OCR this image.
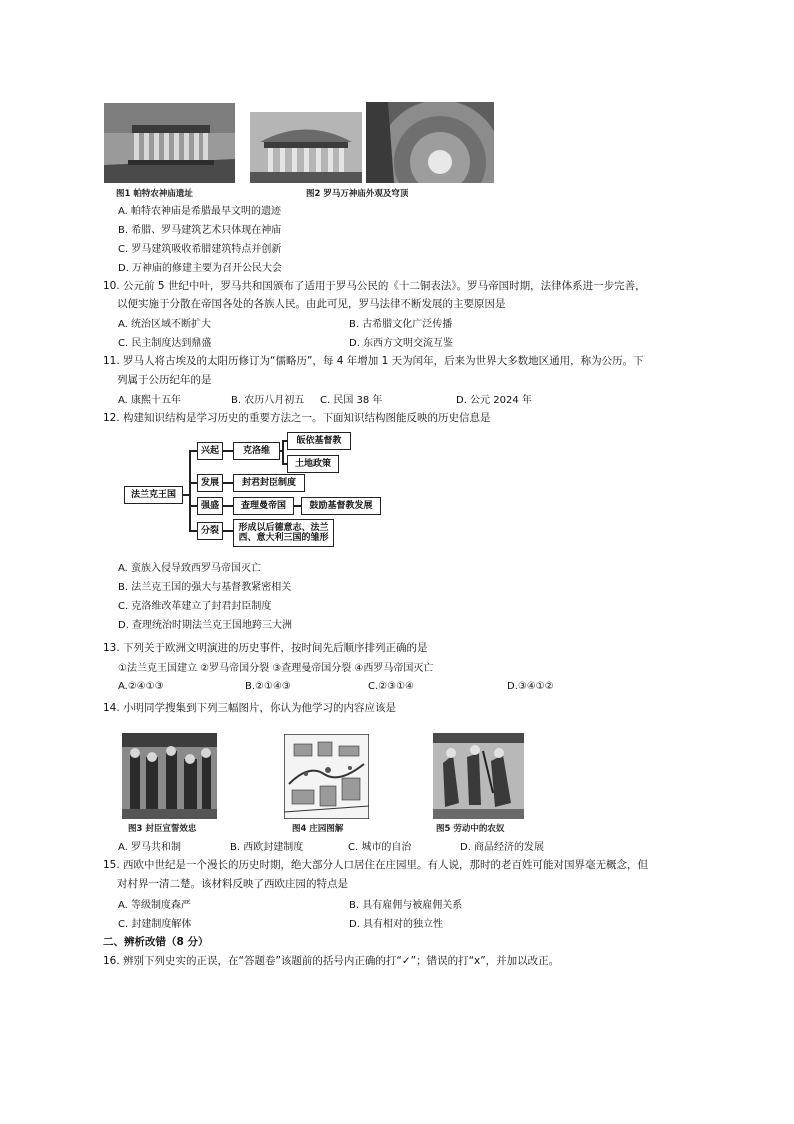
图1 帕特农神庙遗址	图2 罗马万神庙外观及穹顶
A. 帕特农神庙是希腊最早文明的遗迹
B. 希腊、罗马建筑艺术只体现在神庙
C. 罗马建筑吸收希腊建筑特点并创新
D. 万神庙的修建主要为召开公民大会
10. 公元前 5 世纪中叶，罗马共和国颁布了适用于罗马公民的《十二铜表法》。罗马帝国时期，法律体系进一步完善，
以便实施于分散在帝国各处的各族人民。由此可见，罗马法律不断发展的主要原因是
A. 统治区域不断扩大	B. 古希腊文化广泛传播
C. 民主制度达到鼎盛	D. 东西方文明交流互鉴
11. 罗马人将古埃及的太阳历修订为“儒略历”，每 4 年增加 1 天为闰年，后来为世界大多数地区通用，称为公历。下
列属于公历纪年的是
A. 康熙十五年	B. 农历八月初五 C. 民国 38 年	D. 公元 2024 年
12. 构建知识结构是学习历史的重要方法之一。下面知识结构图能反映的历史信息是
法兰克王国
兴起	克洛维
皈依基督教
土地政策
发展	封君封臣制度
强盛	查理曼帝国	鼓励基督教发展
分裂	形成以后德意志、法兰西、意大利三国的雏形
A. 蛮族入侵导致西罗马帝国灭亡
B. 法兰克王国的强大与基督教紧密相关
C. 克洛维改革建立了封君封臣制度
D. 查理统治时期法兰克王国地跨三大洲
13. 下列关于欧洲文明演进的历史事件，按时间先后顺序排列正确的是
①法兰克王国建立 ②罗马帝国分裂 ③查理曼帝国分裂 ④西罗马帝国灭亡
A.②④①③	B.②①④③	C.②③①④	D.③④①②
14. 小明同学搜集到下列三幅图片，你认为他学习的内容应该是
图3 封臣宣誓效忠	图4 庄园图解	图5 劳动中的农奴
A. 罗马共和制	B. 西欧封建制度	C. 城市的自治	D. 商品经济的发展
15. 西欧中世纪是一个漫长的历史时期，绝大部分人口居住在庄园里。有人说，那时的老百姓可能对国界毫无概念，但
对村界一清二楚。该材料反映了西欧庄园的特点是
A. 等级制度森严	B. 具有雇佣与被雇佣关系
C. 封建制度解体	D. 具有相对的独立性
二、辨析改错（8 分）
16. 辨别下列史实的正误，在“答题卷”该题前的括号内正确的打“✓”；错误的打“x”，并加以改正。
